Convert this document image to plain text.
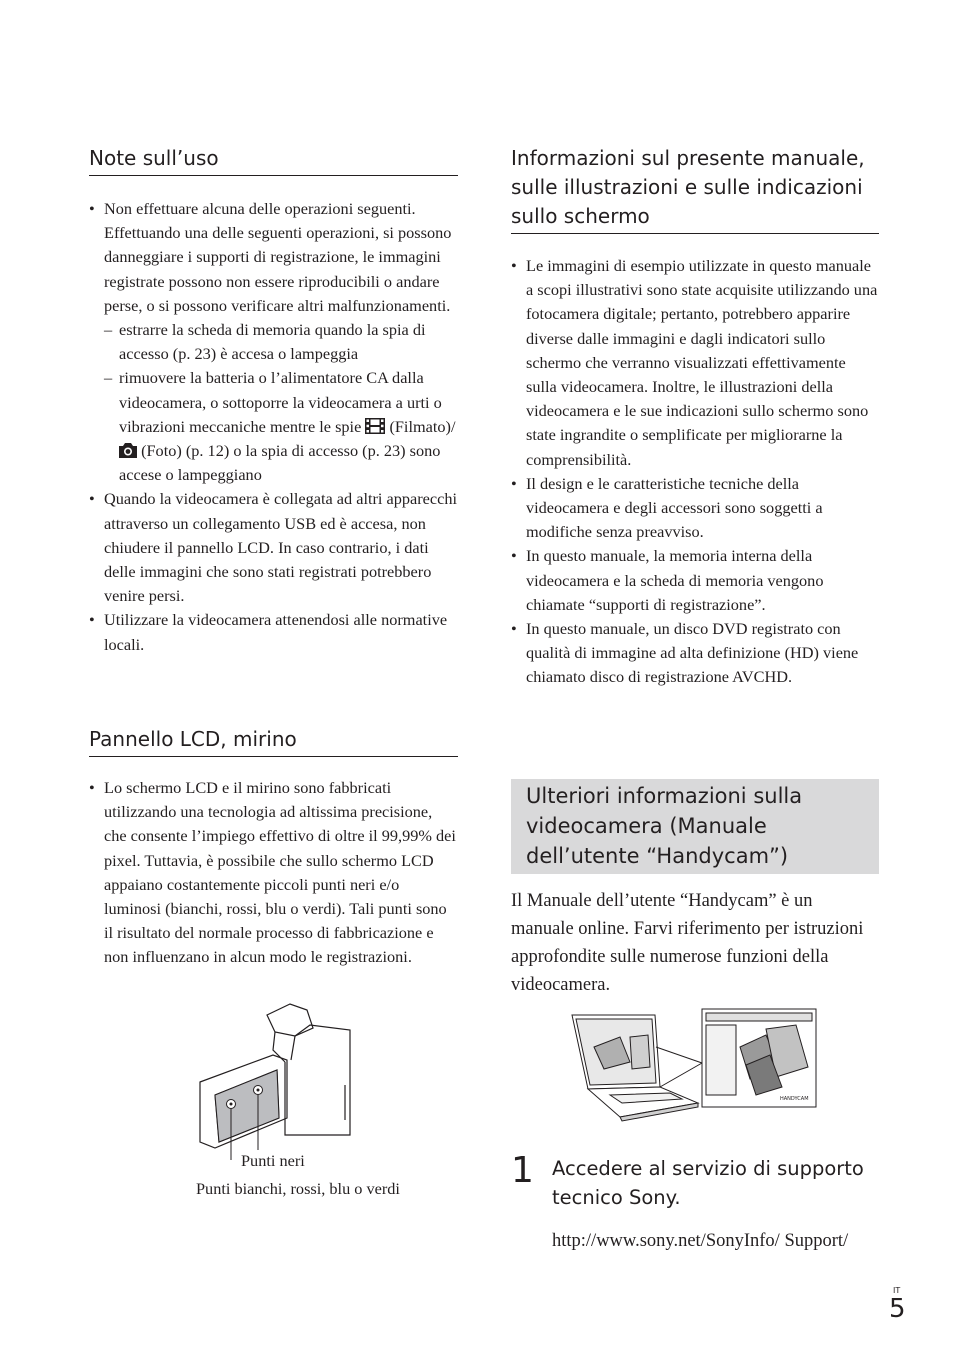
Note sull’uso
• Non effettuare alcuna delle operazioni seguenti. Effettuando una delle seguenti operazioni, si possono danneggiare i supporti di registrazione, le immagini registrate possono non essere riproducibili o andare perse, o si possono verificare altri malfunzionamenti.
– estrarre la scheda di memoria quando la spia di accesso (p. 23) è accesa o lampeggia
– rimuovere la batteria o l’alimentatore CA dalla videocamera, o sottoporre la videocamera a urti o vibrazioni meccaniche mentre le spie (Filmato)/ (Foto) (p. 12) o la spia di accesso (p. 23) sono accese o lampeggiano
• Quando la videocamera è collegata ad altri apparecchi attraverso un collegamento USB ed è accesa, non chiudere il pannello LCD. In caso contrario, i dati delle immagini che sono stati registrati potrebbero venire persi.
• Utilizzare la videocamera attenendosi alle normative locali.
Pannello LCD, mirino
• Lo schermo LCD e il mirino sono fabbricati utilizzando una tecnologia ad altissima precisione, che consente l’impiego effettivo di oltre il 99,99% dei pixel. Tuttavia, è possibile che sullo schermo LCD appaiano costantemente piccoli punti neri e/o luminosi (bianchi, rossi, blu o verdi). Tali punti sono il risultato del normale processo di fabbricazione e non influenzano in alcun modo le registrazioni.
Punti neri
Punti bianchi, rossi, blu o verdi
Informazioni sul presente manuale, sulle illustrazioni e sulle indicazioni sullo schermo
• Le immagini di esempio utilizzate in questo manuale a scopi illustrativi sono state acquisite utilizzando una fotocamera digitale; pertanto, potrebbero apparire diverse dalle immagini e dagli indicatori sullo schermo che verranno visualizzati effettivamente sulla videocamera. Inoltre, le illustrazioni della videocamera e le sue indicazioni sullo schermo sono state ingrandite o semplificate per migliorarne la comprensibilità.
• Il design e le caratteristiche tecniche della videocamera e degli accessori sono soggetti a modifiche senza preavviso.
• In questo manuale, la memoria interna della videocamera e la scheda di memoria vengono chiamate “supporti di registrazione”.
• In questo manuale, un disco DVD registrato con qualità di immagine ad alta definizione (HD) viene chiamato disco di registrazione AVCHD.
Ulteriori informazioni sulla videocamera (Manuale dell’utente “Handycam”)

Il Manuale dell’utente “Handycam” è un manuale online. Farvi riferimento per istruzioni approfondite sulle numerose funzioni della videocamera.

HANDYCAM
1 Accedere al servizio di supporto tecnico Sony.

http://www.sony.net/SonyInfo/ Support/
IT
5
